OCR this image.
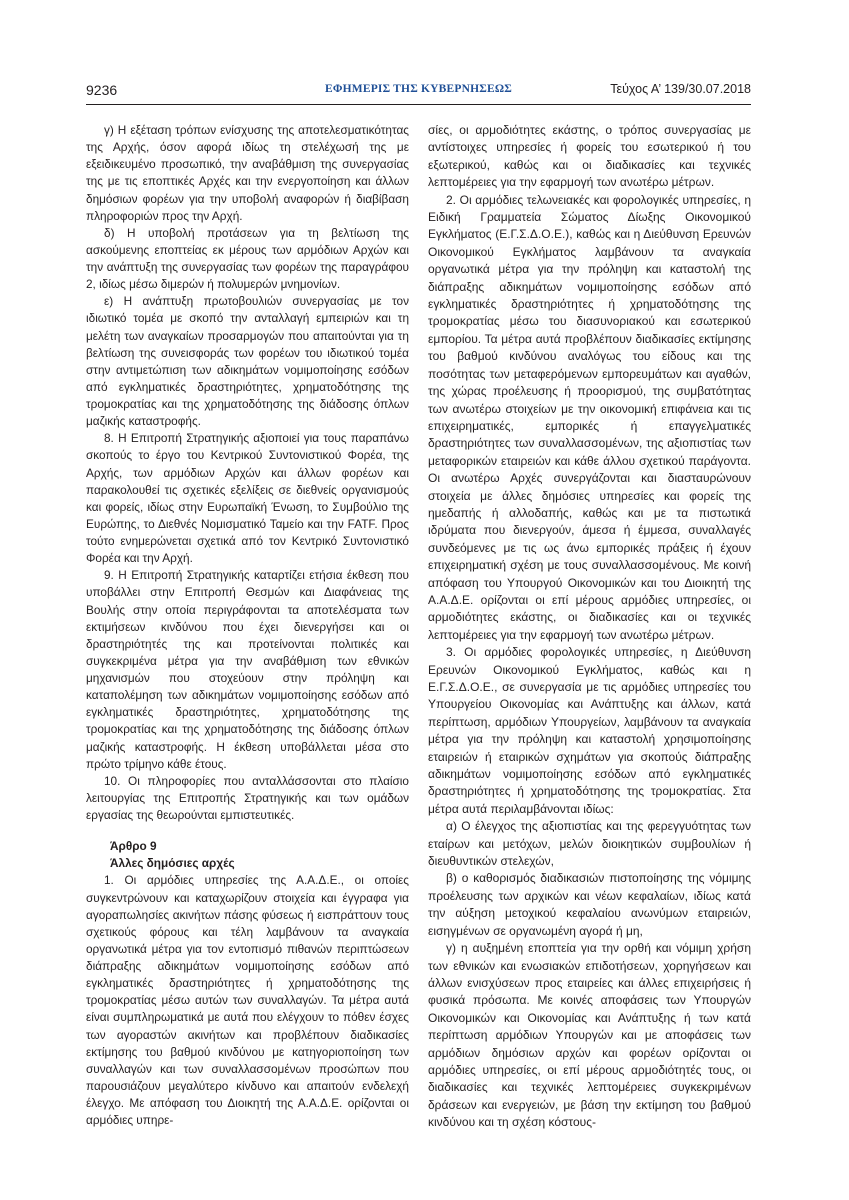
9236	ΕΦΗΜΕΡΙΣ ΤΗΣ ΚΥΒΕΡΝΗΣΕΩΣ	Τεύχος Α’ 139/30.07.2018

γ) Η εξέταση τρόπων ενίσχυσης της αποτελεσματικότητας της Αρχής, όσον αφορά ιδίως τη στελέχωσή της με εξειδικευμένο προσωπικό, την αναβάθμιση της συνεργασίας της με τις εποπτικές Αρχές και την ενεργοποίηση και άλλων δημόσιων φορέων για την υποβολή αναφορών ή διαβίβαση πληροφοριών προς την Αρχή.

δ) Η υποβολή προτάσεων για τη βελτίωση της ασκούμενης εποπτείας εκ μέρους των αρμόδιων Αρχών και την ανάπτυξη της συνεργασίας των φορέων της παραγράφου 2, ιδίως μέσω διμερών ή πολυμερών μνημονίων.

ε) Η ανάπτυξη πρωτοβουλιών συνεργασίας με τον ιδιωτικό τομέα με σκοπό την ανταλλαγή εμπειριών και τη μελέτη των αναγκαίων προσαρμογών που απαιτούνται για τη βελτίωση της συνεισφοράς των φορέων του ιδιωτικού τομέα στην αντιμετώπιση των αδικημάτων νομιμοποίησης εσόδων από εγκληματικές δραστηριότητες, χρηματοδότησης της τρομοκρατίας και της χρηματοδότησης της διάδοσης όπλων μαζικής καταστροφής.

8. Η Επιτροπή Στρατηγικής αξιοποιεί για τους παραπάνω σκοπούς το έργο του Κεντρικού Συντονιστικού Φορέα, της Αρχής, των αρμόδιων Αρχών και άλλων φορέων και παρακολουθεί τις σχετικές εξελίξεις σε διεθνείς οργανισμούς και φορείς, ιδίως στην Ευρωπαϊκή Ένωση, το Συμβούλιο της Ευρώπης, το Διεθνές Νομισματικό Ταμείο και την FATF. Προς τούτο ενημερώνεται σχετικά από τον Κεντρικό Συντονιστικό Φορέα και την Αρχή.

9. Η Επιτροπή Στρατηγικής καταρτίζει ετήσια έκθεση που υποβάλλει στην Επιτροπή Θεσμών και Διαφάνειας της Βουλής στην οποία περιγράφονται τα αποτελέσματα των εκτιμήσεων κινδύνου που έχει διενεργήσει και οι δραστηριότητές της και προτείνονται πολιτικές και συγκεκριμένα μέτρα για την αναβάθμιση των εθνικών μηχανισμών που στοχεύουν στην πρόληψη και καταπολέμηση των αδικημάτων νομιμοποίησης εσόδων από εγκληματικές δραστηριότητες, χρηματοδότησης της τρομοκρατίας και της χρηματοδότησης της διάδοσης όπλων μαζικής καταστροφής. Η έκθεση υποβάλλεται μέσα στο πρώτο τρίμηνο κάθε έτους.

10. Οι πληροφορίες που ανταλλάσσονται στο πλαίσιο λειτουργίας της Επιτροπής Στρατηγικής και των ομάδων εργασίας της θεωρούνται εμπιστευτικές.

Άρθρο 9
Άλλες δημόσιες αρχές

1. Οι αρμόδιες υπηρεσίες της Α.Α.Δ.Ε., οι οποίες συγκεντρώνουν και καταχωρίζουν στοιχεία και έγγραφα για αγοραπωλησίες ακινήτων πάσης φύσεως ή εισπράττουν τους σχετικούς φόρους και τέλη λαμβάνουν τα αναγκαία οργανωτικά μέτρα για τον εντοπισμό πιθανών περιπτώσεων διάπραξης αδικημάτων νομιμοποίησης εσόδων από εγκληματικές δραστηριότητες ή χρηματοδότησης της τρομοκρατίας μέσω αυτών των συναλλαγών. Τα μέτρα αυτά είναι συμπληρωματικά με αυτά που ελέγχουν το πόθεν έσχες των αγοραστών ακινήτων και προβλέπουν διαδικασίες εκτίμησης του βαθμού κινδύνου με κατηγοριοποίηση των συναλλαγών και των συναλλασσομένων προσώπων που παρουσιάζουν μεγαλύτερο κίνδυνο και απαιτούν ενδελεχή έλεγχο. Με απόφαση του Διοικητή της Α.Α.Δ.Ε. ορίζονται οι αρμόδιες υπηρε-

σίες, οι αρμοδιότητες εκάστης, ο τρόπος συνεργασίας με αντίστοιχες υπηρεσίες ή φορείς του εσωτερικού ή του εξωτερικού, καθώς και οι διαδικασίες και τεχνικές λεπτομέρειες για την εφαρμογή των ανωτέρω μέτρων.

2. Οι αρμόδιες τελωνειακές και φορολογικές υπηρεσίες, η Ειδική Γραμματεία Σώματος Δίωξης Οικονομικού Εγκλήματος (Ε.Γ.Σ.Δ.Ο.Ε.), καθώς και η Διεύθυνση Ερευνών Οικονομικού Εγκλήματος λαμβάνουν τα αναγκαία οργανωτικά μέτρα για την πρόληψη και καταστολή της διάπραξης αδικημάτων νομιμοποίησης εσόδων από εγκληματικές δραστηριότητες ή χρηματοδότησης της τρομοκρατίας μέσω του διασυνοριακού και εσωτερικού εμπορίου. Τα μέτρα αυτά προβλέπουν διαδικασίες εκτίμησης του βαθμού κινδύνου αναλόγως του είδους και της ποσότητας των μεταφερόμενων εμπορευμάτων και αγαθών, της χώρας προέλευσης ή προορισμού, της συμβατότητας των ανωτέρω στοιχείων με την οικονομική επιφάνεια και τις επιχειρηματικές, εμπορικές ή επαγγελματικές δραστηριότητες των συναλλασσομένων, της αξιοπιστίας των μεταφορικών εταιρειών και κάθε άλλου σχετικού παράγοντα. Οι ανωτέρω Αρχές συνεργάζονται και διασταυρώνουν στοιχεία με άλλες δημόσιες υπηρεσίες και φορείς της ημεδαπής ή αλλοδαπής, καθώς και με τα πιστωτικά ιδρύματα που διενεργούν, άμεσα ή έμμεσα, συναλλαγές συνδεόμενες με τις ως άνω εμπορικές πράξεις ή έχουν επιχειρηματική σχέση με τους συναλλασσομένους. Με κοινή απόφαση του Υπουργού Οικονομικών και του Διοικητή της Α.Α.Δ.Ε. ορίζονται οι επί μέρους αρμόδιες υπηρεσίες, οι αρμοδιότητες εκάστης, οι διαδικασίες και οι τεχνικές λεπτομέρειες για την εφαρμογή των ανωτέρω μέτρων.

3. Οι αρμόδιες φορολογικές υπηρεσίες, η Διεύθυνση Ερευνών Οικονομικού Εγκλήματος, καθώς και η Ε.Γ.Σ.Δ.Ο.Ε., σε συνεργασία με τις αρμόδιες υπηρεσίες του Υπουργείου Οικονομίας και Ανάπτυξης και άλλων, κατά περίπτωση, αρμόδιων Υπουργείων, λαμβάνουν τα αναγκαία μέτρα για την πρόληψη και καταστολή χρησιμοποίησης εταιρειών ή εταιρικών σχημάτων για σκοπούς διάπραξης αδικημάτων νομιμοποίησης εσόδων από εγκληματικές δραστηριότητες ή χρηματοδότησης της τρομοκρατίας. Στα μέτρα αυτά περιλαμβάνονται ιδίως:

α) Ο έλεγχος της αξιοπιστίας και της φερεγγυότητας των εταίρων και μετόχων, μελών διοικητικών συμβουλίων ή διευθυντικών στελεχών,

β) ο καθορισμός διαδικασιών πιστοποίησης της νόμιμης προέλευσης των αρχικών και νέων κεφαλαίων, ιδίως κατά την αύξηση μετοχικού κεφαλαίου ανωνύμων εταιρειών, εισηγμένων σε οργανωμένη αγορά ή μη,

γ) η αυξημένη εποπτεία για την ορθή και νόμιμη χρήση των εθνικών και ενωσιακών επιδοτήσεων, χορηγήσεων και άλλων ενισχύσεων προς εταιρείες και άλλες επιχειρήσεις ή φυσικά πρόσωπα. Με κοινές αποφάσεις των Υπουργών Οικονομικών και Οικονομίας και Ανάπτυξης ή των κατά περίπτωση αρμόδιων Υπουργών και με αποφάσεις των αρμόδιων δημόσιων αρχών και φορέων ορίζονται οι αρμόδιες υπηρεσίες, οι επί μέρους αρμοδιότητές τους, οι διαδικασίες και τεχνικές λεπτομέρειες συγκεκριμένων δράσεων και ενεργειών, με βάση την εκτίμηση του βαθμού κινδύνου και τη σχέση κόστους-
